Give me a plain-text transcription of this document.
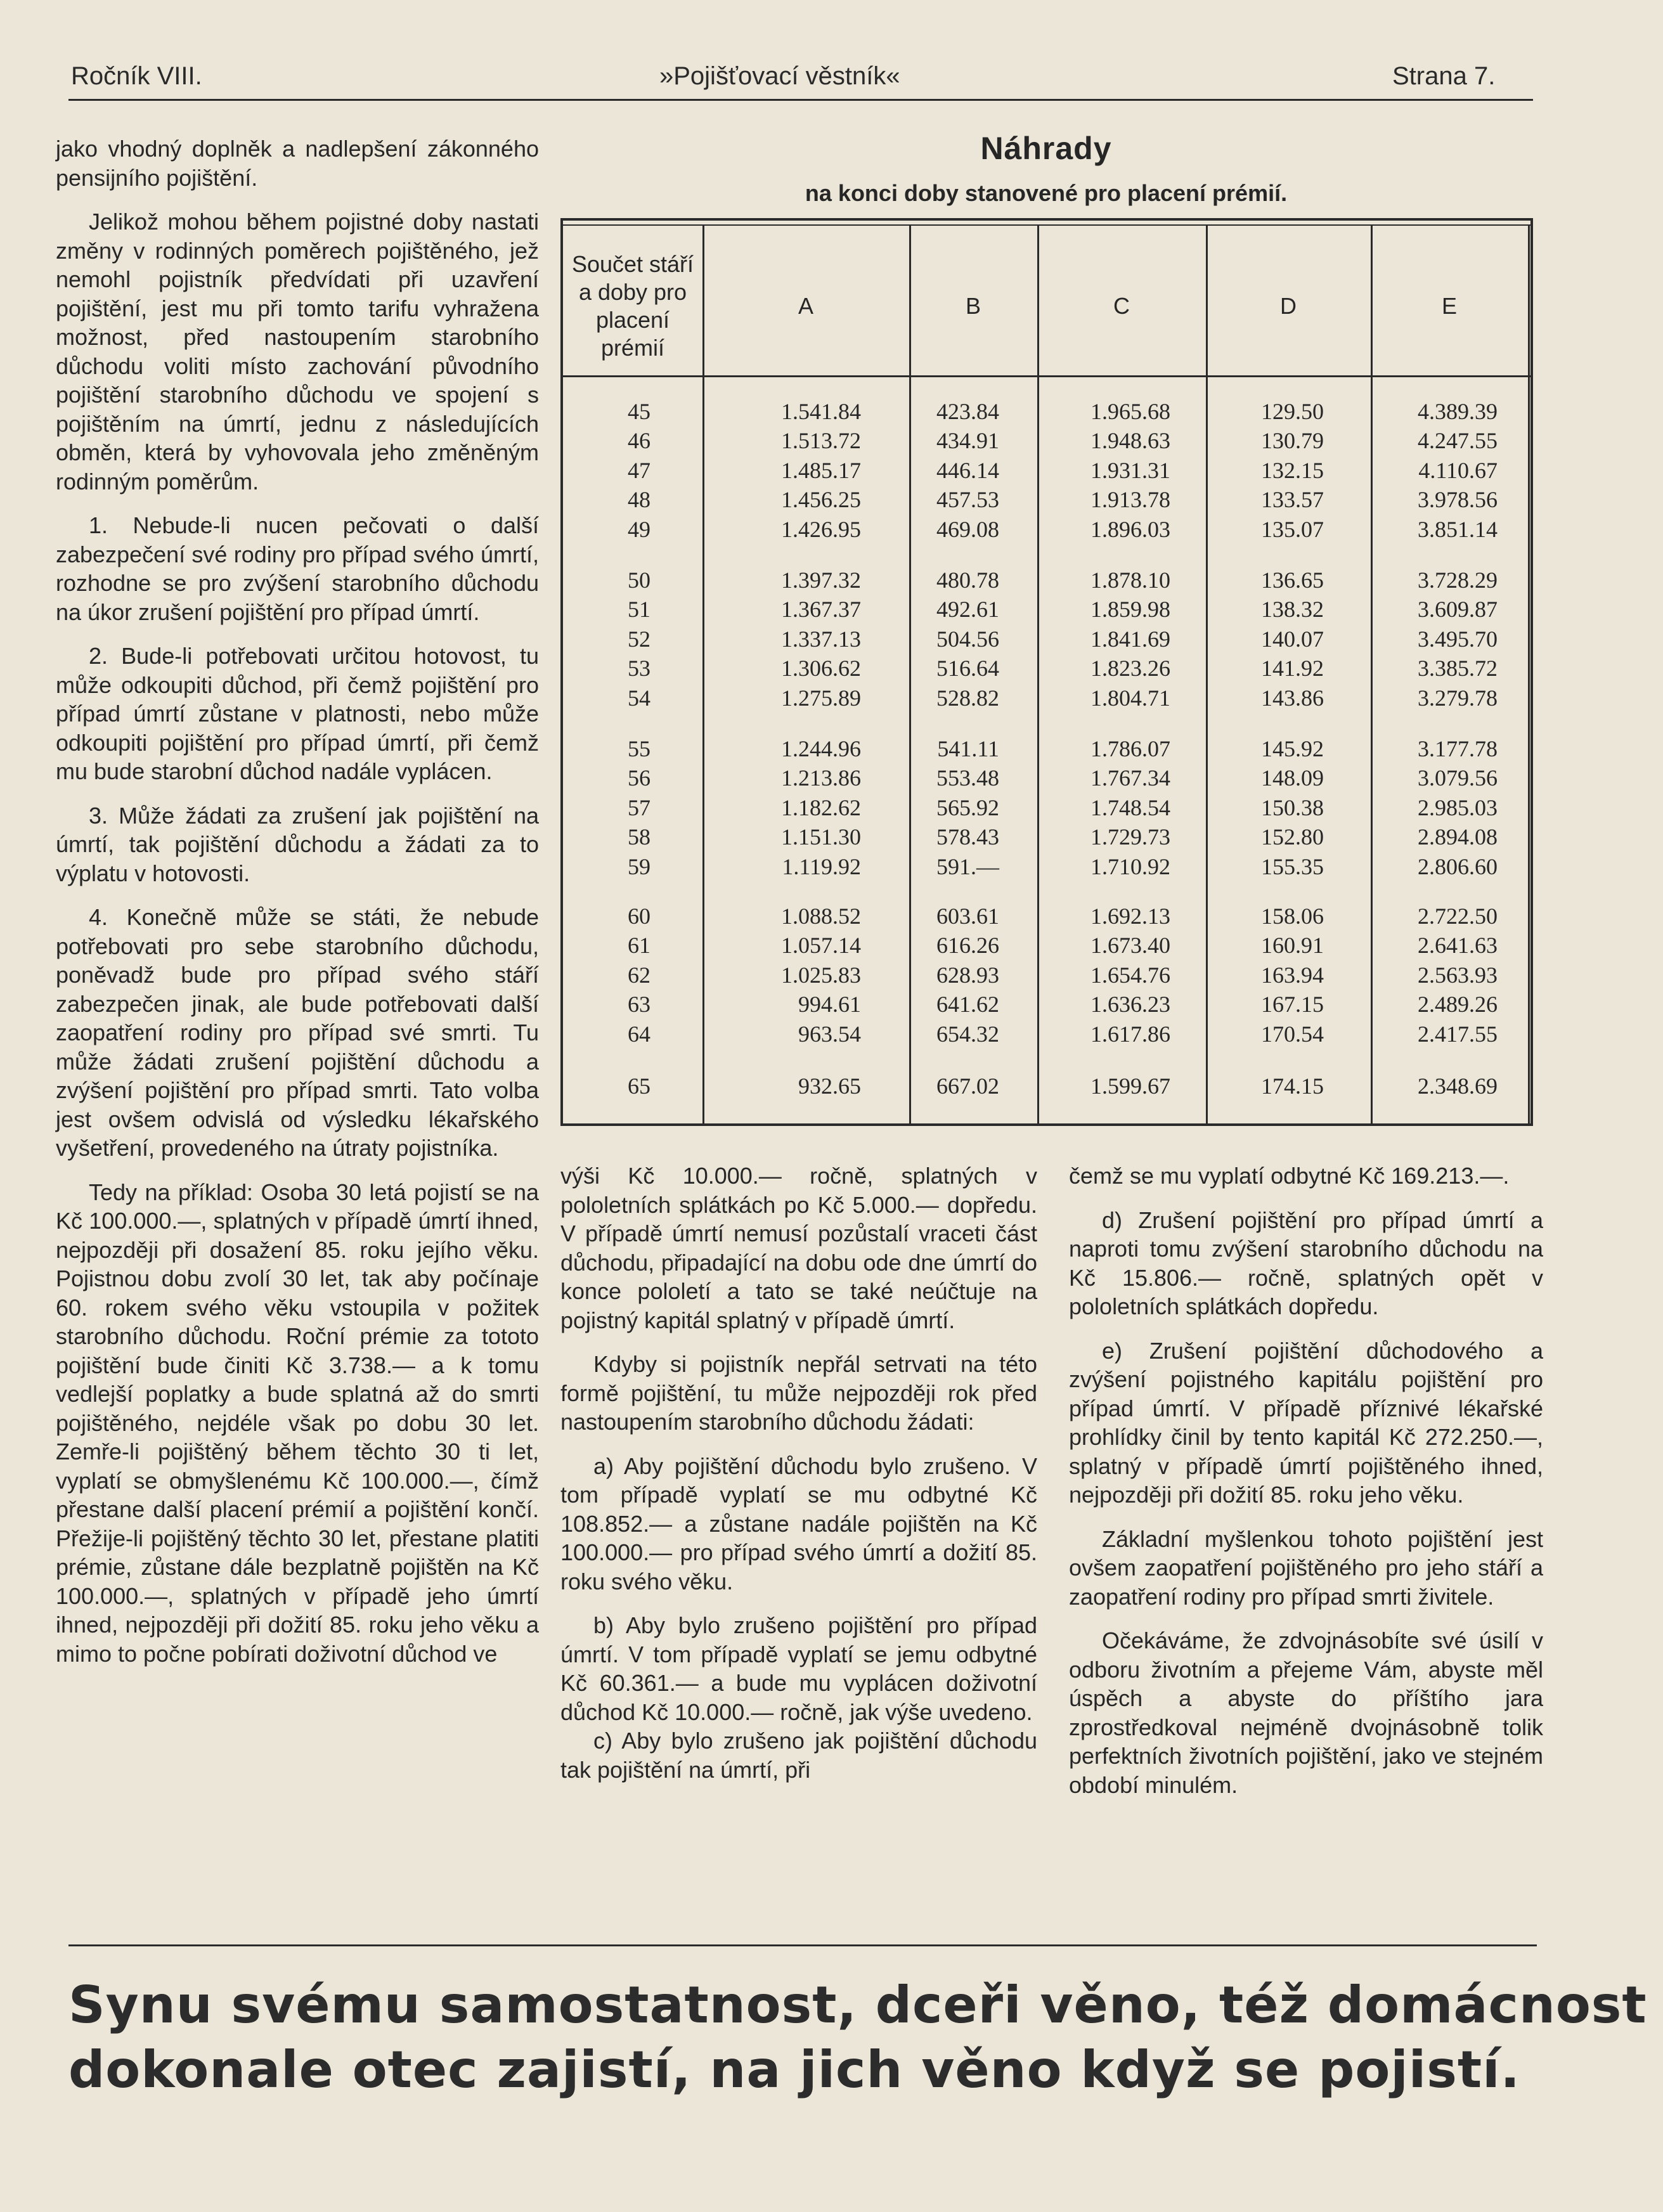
Ročník VIII.	»Pojišťovací věstník«	Strana 7.

jako vhodný doplněk a nadlepšení zákonného pensijního pojištění.

Jelikož mohou během pojistné doby nastati změny v rodinných poměrech pojištěného, jež nemohl pojistník předvídati při uzavření pojištění, jest mu při tomto tarifu vyhražena možnost, před nastoupením starobního důchodu voliti místo zachování původního pojištění starobního důchodu ve spojení s pojištěním na úmrtí, jednu z následujících obměn, která by vyhovovala jeho změněným rodinným poměrům.

1. Nebude-li nucen pečovati o další zabezpečení své rodiny pro případ svého úmrtí, rozhodne se pro zvýšení starobního důchodu na úkor zrušení pojištění pro případ úmrtí.

2. Bude-li potřebovati určitou hotovost, tu může odkoupiti důchod, při čemž pojištění pro případ úmrtí zůstane v platnosti, nebo může odkoupiti pojištění pro případ úmrtí, při čemž mu bude starobní důchod nadále vyplácen.

3. Může žádati za zrušení jak pojištění na úmrtí, tak pojištění důchodu a žádati za to výplatu v hotovosti.

4. Konečně může se státi, že nebude potřebovati pro sebe starobního důchodu, poněvadž bude pro případ svého stáří zabezpečen jinak, ale bude potřebovati další zaopatření rodiny pro případ své smrti. Tu může žádati zrušení pojištění důchodu a zvýšení pojištění pro případ smrti. Tato volba jest ovšem odvislá od výsledku lékařského vyšetření, provedeného na útraty pojistníka.

Tedy na příklad: Osoba 30 letá pojistí se na Kč 100.000.—, splatných v případě úmrtí ihned, nejpozději při dosažení 85. roku jejího věku. Pojistnou dobu zvolí 30 let, tak aby počínaje 60. rokem svého věku vstoupila v požitek starobního důchodu. Roční prémie za tototo pojištění bude činiti Kč 3.738.— a k tomu vedlejší poplatky a bude splatná až do smrti pojištěného, nejdéle však po dobu 30 let. Zemře-li pojištěný během těchto 30 ti let, vyplatí se obmyšlenému Kč 100.000.—, čímž přestane další placení prémií a pojištění končí. Přežije-li pojištěný těchto 30 let, přestane platiti prémie, zůstane dále bezplatně pojištěn na Kč 100.000.—, splatných v případě jeho úmrtí ihned, nejpozději při dožití 85. roku jeho věku a mimo to počne pobírati doživotní důchod ve

Náhrady
na konci doby stanovené pro placení prémií.
Součet stáří a doby pro placení prémií
A	B	C	D	E
45	1.541.84	423.84	1.965.68	129.50	4.389.39
46	1.513.72	434.91	1.948.63	130.79	4.247.55
47	1.485.17	446.14	1.931.31	132.15	4.110.67
48	1.456.25	457.53	1.913.78	133.57	3.978.56
49	1.426.95	469.08	1.896.03	135.07	3.851.14
50	1.397.32	480.78	1.878.10	136.65	3.728.29
51	1.367.37	492.61	1.859.98	138.32	3.609.87
52	1.337.13	504.56	1.841.69	140.07	3.495.70
53	1.306.62	516.64	1.823.26	141.92	3.385.72
54	1.275.89	528.82	1.804.71	143.86	3.279.78
55	1.244.96	541.11	1.786.07	145.92	3.177.78
56	1.213.86	553.48	1.767.34	148.09	3.079.56
57	1.182.62	565.92	1.748.54	150.38	2.985.03
58	1.151.30	578.43	1.729.73	152.80	2.894.08
59	1.119.92	591.—	1.710.92	155.35	2.806.60
60	1.088.52	603.61	1.692.13	158.06	2.722.50
61	1.057.14	616.26	1.673.40	160.91	2.641.63
62	1.025.83	628.93	1.654.76	163.94	2.563.93
63	994.61	641.62	1.636.23	167.15	2.489.26
64	963.54	654.32	1.617.86	170.54	2.417.55
65	932.65	667.02	1.599.67	174.15	2.348.69

výši Kč 10.000.— ročně, splatných v pololetních splátkách po Kč 5.000.— dopředu. V případě úmrtí nemusí pozůstalí vraceti část důchodu, připadající na dobu ode dne úmrtí do konce pololetí a tato se také neúčtuje na pojistný kapitál splatný v případě úmrtí.

Kdyby si pojistník nepřál setrvati na této formě pojištění, tu může nejpozději rok před nastoupením starobního důchodu žádati:

a) Aby pojištění důchodu bylo zrušeno. V tom případě vyplatí se mu odbytné Kč 108.852.— a zůstane nadále pojištěn na Kč 100.000.— pro případ svého úmrtí a dožití 85. roku svého věku.

b) Aby bylo zrušeno pojištění pro případ úmrtí. V tom případě vyplatí se jemu odbytné Kč 60.361.— a bude mu vyplácen doživotní důchod Kč 10.000.— ročně, jak výše uvedeno.

c) Aby bylo zrušeno jak pojištění důchodu tak pojištění na úmrtí, při

čemž se mu vyplatí odbytné Kč 169.213.—.

d) Zrušení pojištění pro případ úmrtí a naproti tomu zvýšení starobního důchodu na Kč 15.806.— ročně, splatných opět v pololetních splátkách dopředu.

e) Zrušení pojištění důchodového a zvýšení pojistného kapitálu pojištění pro případ úmrtí. V případě příznivé lékařské prohlídky činil by tento kapitál Kč 272.250.—, splatný v případě úmrtí pojištěného ihned, nejpozději při dožití 85. roku jeho věku.

Základní myšlenkou tohoto pojištění jest ovšem zaopatření pojištěného pro jeho stáří a zaopatření rodiny pro případ smrti živitele.

Očekáváme, že zdvojnásobíte své úsilí v odboru životním a přejeme Vám, abyste měl úspěch a abyste do příštího jara zprostředkoval nejméně dvojnásobně tolik perfektních životních pojištění, jako ve stejném období minulém.

Synu svému samostatnost, dceři věno, též domácnost
dokonale otec zajistí, na jich věno když se pojistí.
